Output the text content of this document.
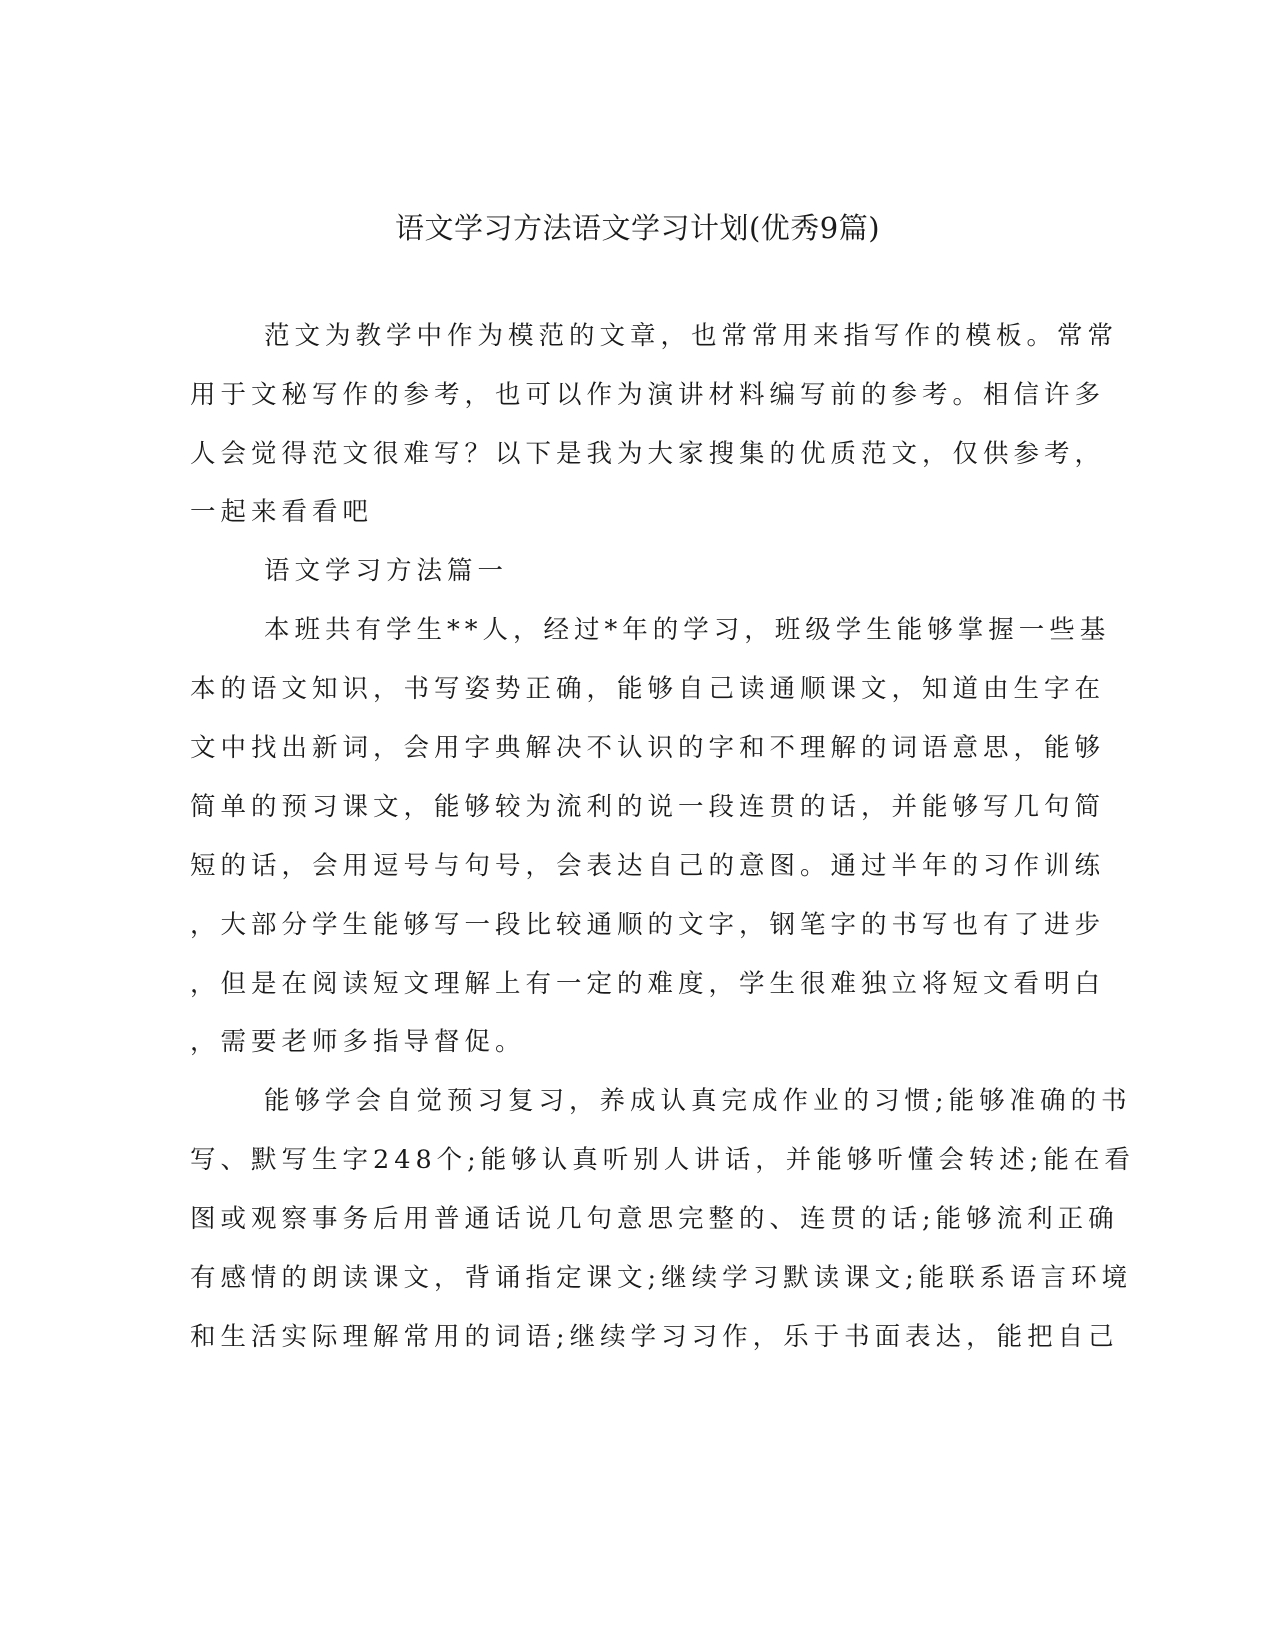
语文学习方法语文学习计划(优秀9篇)
范文为教学中作为模范的文章，也常常用来指写作的模板。常常
用于文秘写作的参考，也可以作为演讲材料编写前的参考。相信许多
人会觉得范文很难写？以下是我为大家搜集的优质范文，仅供参考，
一起来看看吧
语文学习方法篇一
本班共有学生**人，经过*年的学习，班级学生能够掌握一些基
本的语文知识，书写姿势正确，能够自己读通顺课文，知道由生字在
文中找出新词，会用字典解决不认识的字和不理解的词语意思，能够
简单的预习课文，能够较为流利的说一段连贯的话，并能够写几句简
短的话，会用逗号与句号，会表达自己的意图。通过半年的习作训练
，大部分学生能够写一段比较通顺的文字，钢笔字的书写也有了进步
，但是在阅读短文理解上有一定的难度，学生很难独立将短文看明白
，需要老师多指导督促。
能够学会自觉预习复习，养成认真完成作业的习惯;能够准确的书
写、默写生字248个;能够认真听别人讲话，并能够听懂会转述;能在看
图或观察事务后用普通话说几句意思完整的、连贯的话;能够流利正确
有感情的朗读课文，背诵指定课文;继续学习默读课文;能联系语言环境
和生活实际理解常用的词语;继续学习习作，乐于书面表达，能把自己
